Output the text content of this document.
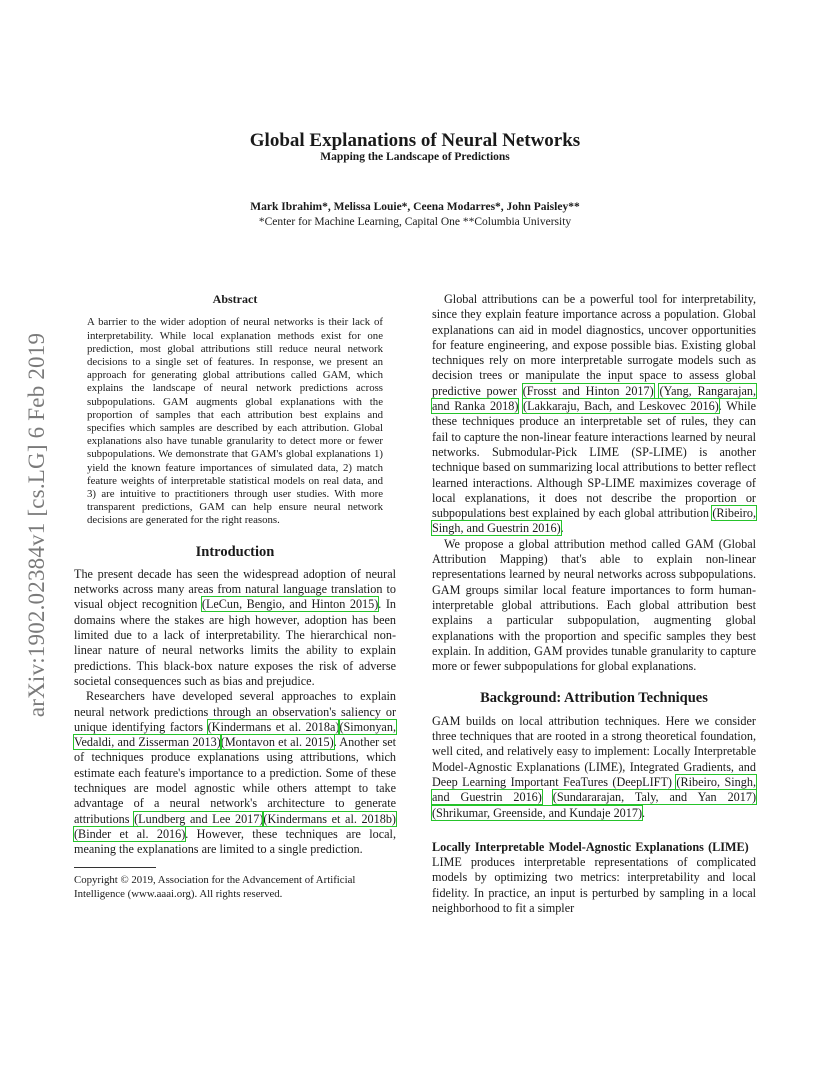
arXiv:1902.02384v1 [cs.LG] 6 Feb 2019
Global Explanations of Neural Networks
Mapping the Landscape of Predictions
Mark Ibrahim*, Melissa Louie*, Ceena Modarres*, John Paisley**
*Center for Machine Learning, Capital One **Columbia University
Abstract

A barrier to the wider adoption of neural networks is their lack of interpretability. While local explanation methods exist for one prediction, most global attributions still reduce neural network decisions to a single set of features. In response, we present an approach for generating global attributions called GAM, which explains the landscape of neural network predictions across subpopulations. GAM augments global explanations with the proportion of samples that each attribution best explains and specifies which samples are described by each attribution. Global explanations also have tunable granularity to detect more or fewer subpopulations. We demonstrate that GAM's global explanations 1) yield the known feature importances of simulated data, 2) match feature weights of interpretable statistical models on real data, and 3) are intuitive to practitioners through user studies. With more transparent predictions, GAM can help ensure neural network decisions are generated for the right reasons.

Introduction

The present decade has seen the widespread adoption of neural networks across many areas from natural language translation to visual object recognition (LeCun, Bengio, and Hinton 2015). In domains where the stakes are high however, adoption has been limited due to a lack of interpretability. The hierarchical non-linear nature of neural networks limits the ability to explain predictions. This black-box nature exposes the risk of adverse societal consequences such as bias and prejudice.

Researchers have developed several approaches to explain neural network predictions through an observation's saliency or unique identifying factors (Kindermans et al. 2018a)(Simonyan, Vedaldi, and Zisserman 2013)(Montavon et al. 2015). Another set of techniques produce explanations using attributions, which estimate each feature's importance to a prediction. Some of these techniques are model agnostic while others attempt to take advantage of a neural network's architecture to generate attributions (Lundberg and Lee 2017)(Kindermans et al. 2018b) (Binder et al. 2016). However, these techniques are local, meaning the explanations are limited to a single prediction.

Copyright © 2019, Association for the Advancement of Artificial Intelligence (www.aaai.org). All rights reserved.

Global attributions can be a powerful tool for interpretability, since they explain feature importance across a population. Global explanations can aid in model diagnostics, uncover opportunities for feature engineering, and expose possible bias. Existing global techniques rely on more interpretable surrogate models such as decision trees or manipulate the input space to assess global predictive power (Frosst and Hinton 2017) (Yang, Rangarajan, and Ranka 2018) (Lakkaraju, Bach, and Leskovec 2016). While these techniques produce an interpretable set of rules, they can fail to capture the non-linear feature interactions learned by neural networks. Submodular-Pick LIME (SP-LIME) is another technique based on summarizing local attributions to better reflect learned interactions. Although SP-LIME maximizes coverage of local explanations, it does not describe the proportion or subpopulations best explained by each global attribution (Ribeiro, Singh, and Guestrin 2016).

We propose a global attribution method called GAM (Global Attribution Mapping) that's able to explain non-linear representations learned by neural networks across subpopulations. GAM groups similar local feature importances to form human-interpretable global attributions. Each global attribution best explains a particular subpopulation, augmenting global explanations with the proportion and specific samples they best explain. In addition, GAM provides tunable granularity to capture more or fewer subpopulations for global explanations.

Background: Attribution Techniques

GAM builds on local attribution techniques. Here we consider three techniques that are rooted in a strong theoretical foundation, well cited, and relatively easy to implement: Locally Interpretable Model-Agnostic Explanations (LIME), Integrated Gradients, and Deep Learning Important FeaTures (DeepLIFT) (Ribeiro, Singh, and Guestrin 2016) (Sundararajan, Taly, and Yan 2017) (Shrikumar, Greenside, and Kundaje 2017).

Locally Interpretable Model-Agnostic Explanations (LIME)   LIME produces interpretable representations of complicated models by optimizing two metrics: interpretability and local fidelity. In practice, an input is perturbed by sampling in a local neighborhood to fit a simpler
